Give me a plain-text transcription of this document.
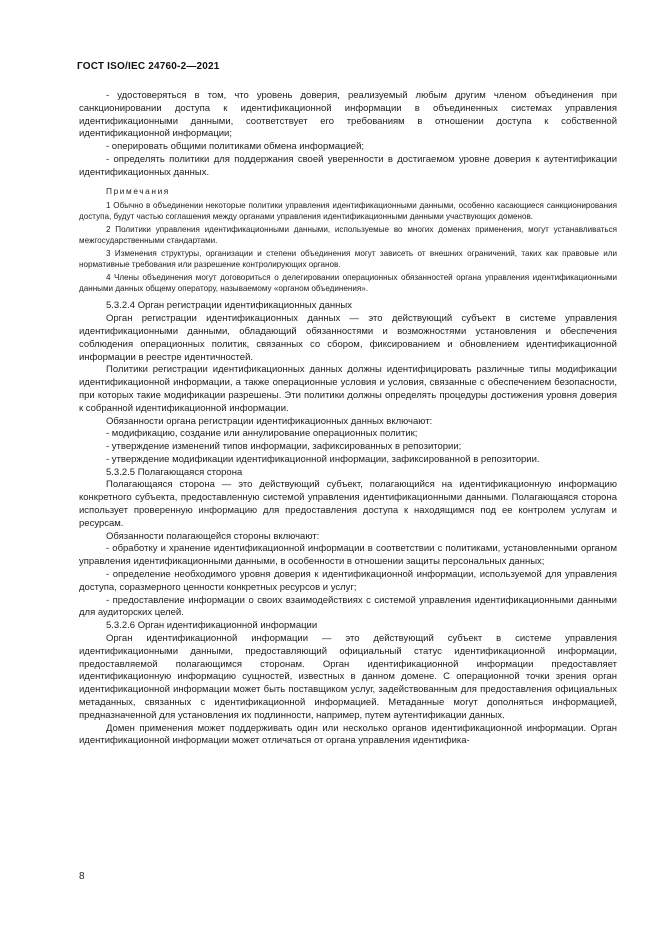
ГОСТ ISO/IEC 24760-2—2021

- удостоверяться в том, что уровень доверия, реализуемый любым другим членом объединения при санкционировании доступа к идентификационной информации в объединенных системах управления идентификационными данными, соответствует его требованиям в отношении доступа к собственной идентификационной информации;

- оперировать общими политиками обмена информацией;

- определять политики для поддержания своей уверенности в достигаемом уровне доверия к аутентификации идентификационных данных.

Примечания

1 Обычно в объединении некоторые политики управления идентификационными данными, особенно касающиеся санкционирования доступа, будут частью соглашения между органами управления идентификационными данными участвующих доменов.

2 Политики управления идентификационными данными, используемые во многих доменах применения, могут устанавливаться межгосударственными стандартами.

3 Изменения структуры, организации и степени объединения могут зависеть от внешних ограничений, таких как правовые или нормативные требования или разрешение контролирующих органов.

4 Члены объединения могут договориться о делегировании операционных обязанностей органа управления идентификационными данными данных общему оператору, называемому «органом объединения».

5.3.2.4 Орган регистрации идентификационных данных

Орган регистрации идентификационных данных — это действующий субъект в системе управления идентификационными данными, обладающий обязанностями и возможностями установления и обеспечения соблюдения операционных политик, связанных со сбором, фиксированием и обновлением идентификационной информации в реестре идентичностей.

Политики регистрации идентификационных данных должны идентифицировать различные типы модификации идентификационной информации, а также операционные условия и условия, связанные с обеспечением безопасности, при которых такие модификации разрешены. Эти политики должны определять процедуры достижения уровня доверия к собранной идентификационной информации.

Обязанности органа регистрации идентификационных данных включают:

- модификацию, создание или аннулирование операционных политик;

- утверждение изменений типов информации, зафиксированных в репозитории;

- утверждение модификации идентификационной информации, зафиксированной в репозитории.

5.3.2.5 Полагающаяся сторона

Полагающаяся сторона — это действующий субъект, полагающийся на идентификационную информацию конкретного субъекта, предоставленную системой управления идентификационными данными. Полагающаяся сторона использует проверенную информацию для предоставления доступа к находящимся под ее контролем услугам и ресурсам.

Обязанности полагающейся стороны включают:

- обработку и хранение идентификационной информации в соответствии с политиками, установленными органом управления идентификационными данными, в особенности в отношении защиты персональных данных;

- определение необходимого уровня доверия к идентификационной информации, используемой для управления доступа, соразмерного ценности конкретных ресурсов и услуг;

- предоставление информации о своих взаимодействиях с системой управления идентификационными данными для аудиторских целей.

5.3.2.6 Орган идентификационной информации

Орган идентификационной информации — это действующий субъект в системе управления идентификационными данными, предоставляющий официальный статус идентификационной информации, предоставляемой полагающимся сторонам. Орган идентификационной информации предоставляет идентификационную информацию сущностей, известных в данном домене. С операционной точки зрения орган идентификационной информации может быть поставщиком услуг, задействованным для предоставления официальных метаданных, связанных с идентификационной информацией. Метаданные могут дополняться информацией, предназначенной для установления их подлинности, например, путем аутентификации данных.

Домен применения может поддерживать один или несколько органов идентификационной информации. Орган идентификационной информации может отличаться от органа управления идентифика-

8
